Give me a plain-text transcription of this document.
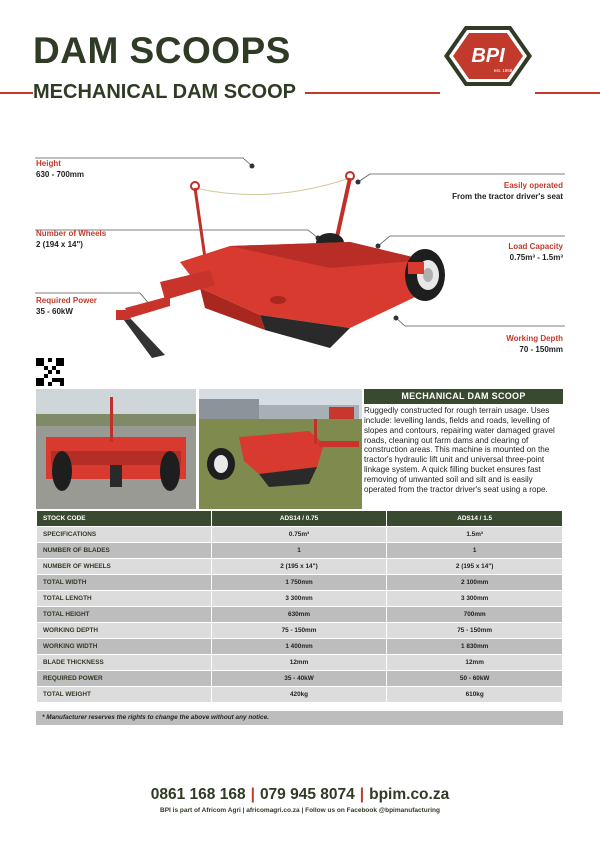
DAM SCOOPS
MECHANICAL DAM SCOOP
BPI
est. 1968
Height
630 - 700mm
Number of Wheels
2 (194 x 14")
Required Power
35 - 60kW
Easily operated
From the tractor driver's seat
Load Capacity
0.75m³ - 1.5m³
Working Depth
70 - 150mm
MECHANICAL DAM SCOOP
Ruggedly constructed for rough terrain usage. Uses include: levelling lands, fields and roads, levelling of slopes and contours, repairing water damaged gravel roads, cleaning out farm dams and clearing of construction areas. This machine is mounted on the tractor's hydraulic lift unit and universal three-point linkage system. A quick filling bucket ensures fast removing of unwanted soil and silt and is easily operated from the tractor driver's seat using a rope.
STOCK CODE	ADS14 / 0.75	ADS14 / 1.5
SPECIFICATIONS	0.75m³	1.5m³
NUMBER OF BLADES	1	1
NUMBER OF WHEELS	2 (195 x 14")	2 (195 x 14")
TOTAL WIDTH	1 750mm	2 100mm
TOTAL LENGTH	3 300mm	3 300mm
TOTAL HEIGHT	630mm	700mm
WORKING DEPTH	75 - 150mm	75 - 150mm
WORKING WIDTH	1 400mm	1 830mm
BLADE THICKNESS	12mm	12mm
REQUIRED POWER	35 - 40kW	50 - 60kW
TOTAL WEIGHT	420kg	610kg
* Manufacturer reserves the rights to change the above without any notice.
0861 168 168 | 079 945 8074 | bpim.co.za
BPI is part of Africom Agri | africomagri.co.za | Follow us on Facebook @bpimanufacturing
